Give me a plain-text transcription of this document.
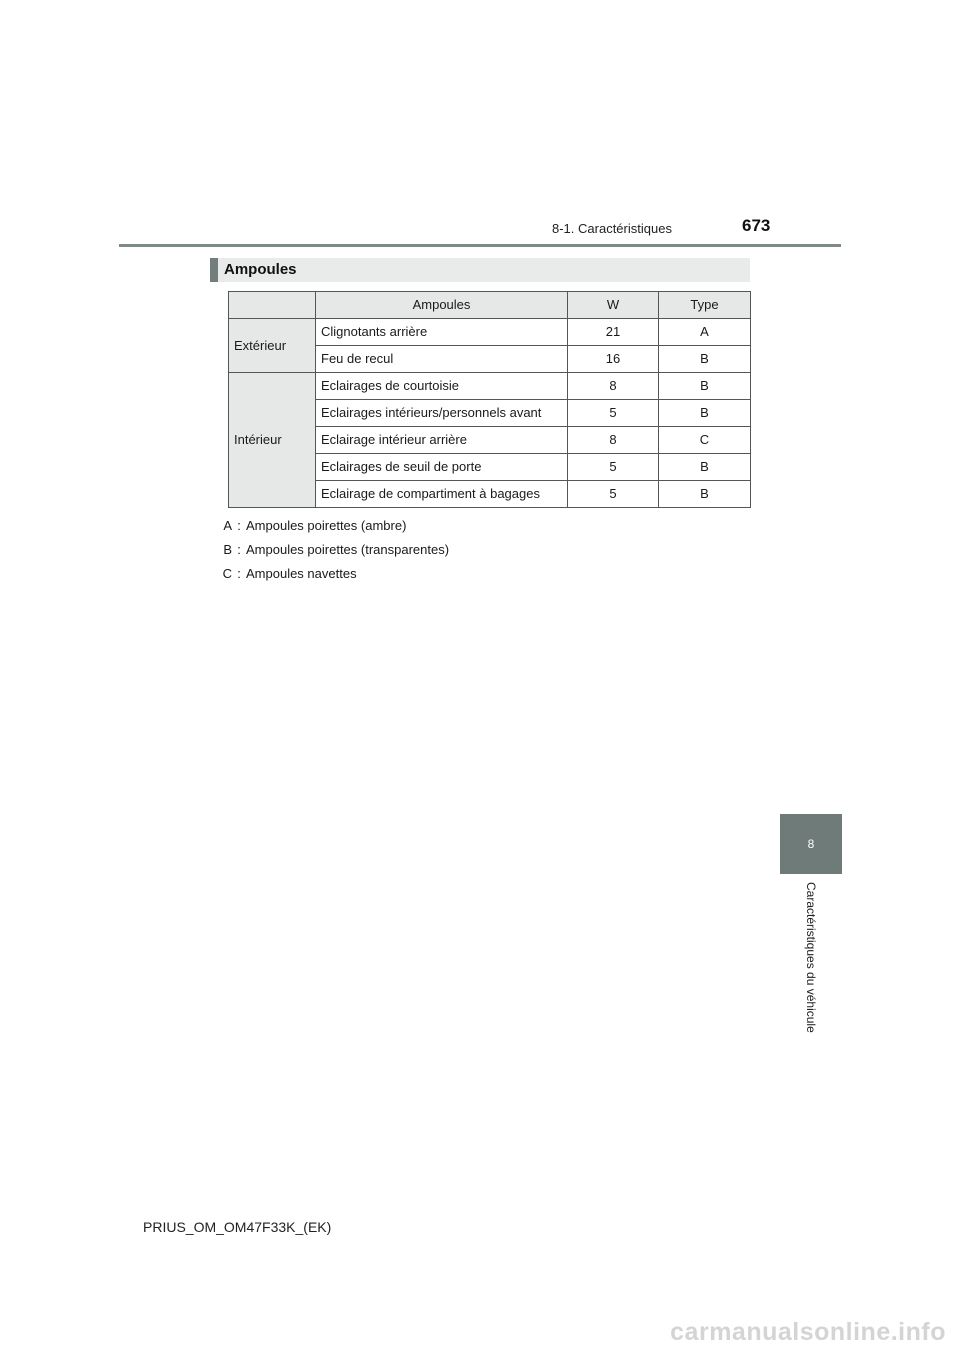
8-1. Caractéristiques	673
Ampoules
	Ampoules	W	Type
Extérieur	Clignotants arrière	21	A
	Feu de recul	16	B
Intérieur	Eclairages de courtoisie	8	B
	Eclairages intérieurs/personnels avant	5	B
	Eclairage intérieur arrière	8	C
	Eclairages de seuil de porte	5	B
	Eclairage de compartiment à bagages	5	B
A : Ampoules poirettes (ambre)
B : Ampoules poirettes (transparentes)
C : Ampoules navettes
8
Caractéristiques du véhicule
PRIUS_OM_OM47F33K_(EK)
carmanualsonline.info
